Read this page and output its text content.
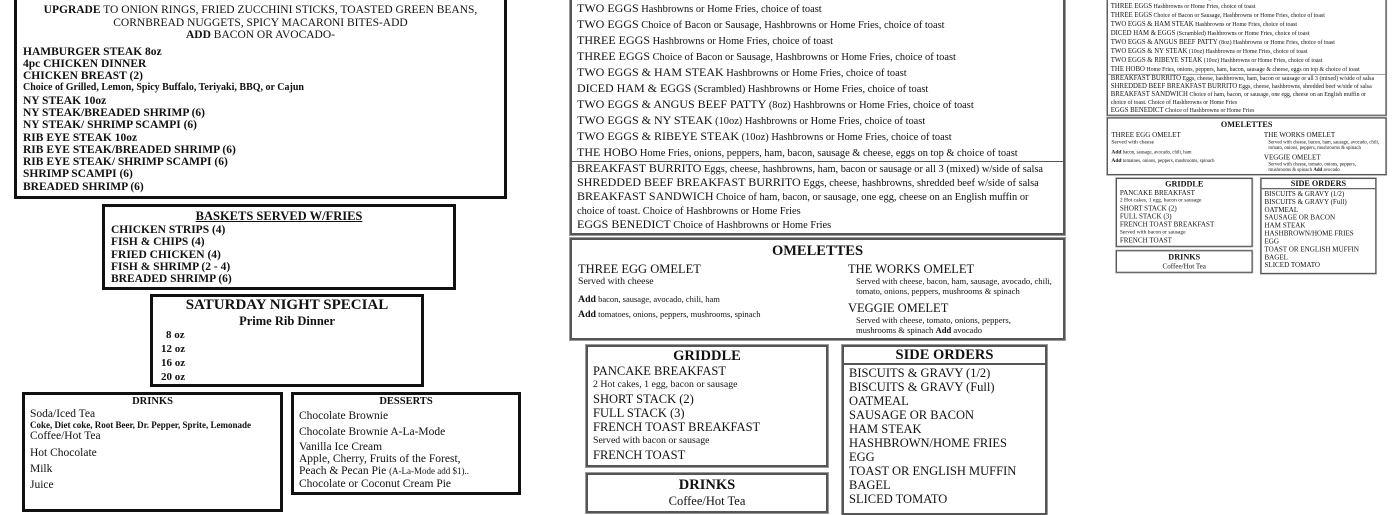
UPGRADE TO ONION RINGS, FRIED ZUCCHINI STICKS, TOASTED GREEN BEANS,
CORNBREAD NUGGETS, SPICY MACARONI BITES-ADD
ADD BACON OR AVOCADO-
HAMBURGER STEAK 8oz
4pc CHICKEN DINNER
CHICKEN BREAST (2)
Choice of Grilled, Lemon, Spicy Buffalo, Teriyaki, BBQ, or Cajun
NY STEAK 10oz
NY STEAK/BREADED SHRIMP (6)
NY STEAK/ SHRIMP SCAMPI (6)
RIB EYE STEAK 10oz
RIB EYE STEAK/BREADED SHRIMP (6)
RIB EYE STEAK/ SHRIMP SCAMPI (6)
SHRIMP SCAMPI (6)
BREADED SHRIMP (6)
BASKETS SERVED W/FRIES
CHICKEN STRIPS (4)
FISH & CHIPS (4)
FRIED CHICKEN (4)
FISH & SHRIMP (2 - 4)
BREADED SHRIMP (6)
SATURDAY NIGHT SPECIAL
Prime Rib Dinner
8 oz
12 oz
16 oz
20 oz
DRINKS
Soda/Iced Tea
Coke, Diet coke, Root Beer, Dr. Pepper, Sprite, Lemonade
Coffee/Hot Tea
Hot Chocolate
Milk
Juice
DESSERTS
Chocolate Brownie
Chocolate Brownie A-La-Mode
Vanilla Ice Cream
Apple, Cherry, Fruits of the Forest,
Peach & Pecan Pie (A-La-Mode add $1)..
Chocolate or Coconut Cream Pie
TWO EGGS Hashbrowns or Home Fries, choice of toast
TWO EGGS Choice of Bacon or Sausage, Hashbrowns or Home Fries, choice of toast
THREE EGGS Hashbrowns or Home Fries, choice of toast
THREE EGGS Choice of Bacon or Sausage, Hashbrowns or Home Fries, choice of toast
TWO EGGS & HAM STEAK Hashbrowns or Home Fries, choice of toast
DICED HAM & EGGS (Scrambled) Hashbrowns or Home Fries, choice of toast
TWO EGGS & ANGUS BEEF PATTY (8oz) Hashbrowns or Home Fries, choice of toast
TWO EGGS & NY STEAK (10oz) Hashbrowns or Home Fries, choice of toast
TWO EGGS & RIBEYE STEAK (10oz) Hashbrowns or Home Fries, choice of toast
THE HOBO Home Fries, onions, peppers, ham, bacon, sausage & cheese, eggs on top & choice of toast
BREAKFAST BURRITO Eggs, cheese, hashbrowns, ham, bacon or sausage or all 3 (mixed) w/side of salsa
SHREDDED BEEF BREAKFAST BURRITO Eggs, cheese, hashbrowns, shredded beef w/side of salsa
BREAKFAST SANDWICH Choice of ham, bacon, or sausage, one egg, cheese on an English muffin or choice of toast. Choice of Hashbrowns or Home Fries
EGGS BENEDICT Choice of Hashbrowns or Home Fries
OMELETTES
THREE EGG OMELET
Served with cheese
Add bacon, sausage, avocado, chili, ham
Add tomatoes, onions, peppers, mushrooms, spinach
THE WORKS OMELET
Served with cheese, bacon, ham, sausage, avocado, chili, tomato, onions, peppers, mushrooms & spinach
VEGGIE OMELET
Served with cheese, tomato, onions, peppers, mushrooms & spinach Add avocado
GRIDDLE
PANCAKE BREAKFAST
2 Hot cakes, 1 egg, bacon or sausage
SHORT STACK (2)
FULL STACK (3)
FRENCH TOAST BREAKFAST
Served with bacon or sausage
FRENCH TOAST
DRINKS
Coffee/Hot Tea
SIDE ORDERS
BISCUITS & GRAVY (1/2)
BISCUITS & GRAVY (Full)
OATMEAL
SAUSAGE OR BACON
HAM STEAK
HASHBROWN/HOME FRIES
EGG
TOAST OR ENGLISH MUFFIN
BAGEL
SLICED TOMATO
THREE EGGS Hashbrowns or Home Fries, choice of toast
THREE EGGS Choice of Bacon or Sausage, Hashbrowns or Home Fries, choice of toast
TWO EGGS & HAM STEAK Hashbrowns or Home Fries, choice of toast
DICED HAM & EGGS (Scrambled) Hashbrowns or Home Fries, choice of toast
TWO EGGS & ANGUS BEEF PATTY (8oz) Hashbrowns or Home Fries, choice of toast
TWO EGGS & NY STEAK (10oz) Hashbrowns or Home Fries, choice of toast
TWO EGGS & RIBEYE STEAK (10oz) Hashbrowns or Home Fries, choice of toast
THE HOBO Home Fries, onions, peppers, ham, bacon, sausage & cheese, eggs on top & choice of toast
BREAKFAST BURRITO Eggs, cheese, hashbrowns, ham, bacon or sausage or all 3 (mixed) w/side of salsa
SHREDDED BEEF BREAKFAST BURRITO Eggs, cheese, hashbrowns, shredded beef w/side of salsa
BREAKFAST SANDWICH Choice of ham, bacon, or sausage, one egg, cheese on an English muffin or choice of toast. Choice of Hashbrowns or Home Fries
EGGS BENEDICT Choice of Hashbrowns or Home Fries
OMELETTES
THREE EGG OMELET
Served with cheese
Add bacon, sausage, avocado, chili, ham
Add tomatoes, onions, peppers, mushrooms, spinach
THE WORKS OMELET
Served with cheese, bacon, ham, sausage, avocado, chili, tomato, onions, peppers, mushrooms & spinach
VEGGIE OMELET
Served with cheese, tomato, onions, peppers, mushrooms & spinach Add avocado
GRIDDLE
PANCAKE BREAKFAST
2 Hot cakes, 1 egg, bacon or sausage
SHORT STACK (2)
FULL STACK (3)
FRENCH TOAST BREAKFAST
Served with bacon or sausage
FRENCH TOAST
DRINKS
Coffee/Hot Tea
SIDE ORDERS
BISCUITS & GRAVY (1/2)
BISCUITS & GRAVY (Full)
OATMEAL
SAUSAGE OR BACON
HAM STEAK
HASHBROWN/HOME FRIES
EGG
TOAST OR ENGLISH MUFFIN
BAGEL
SLICED TOMATO
